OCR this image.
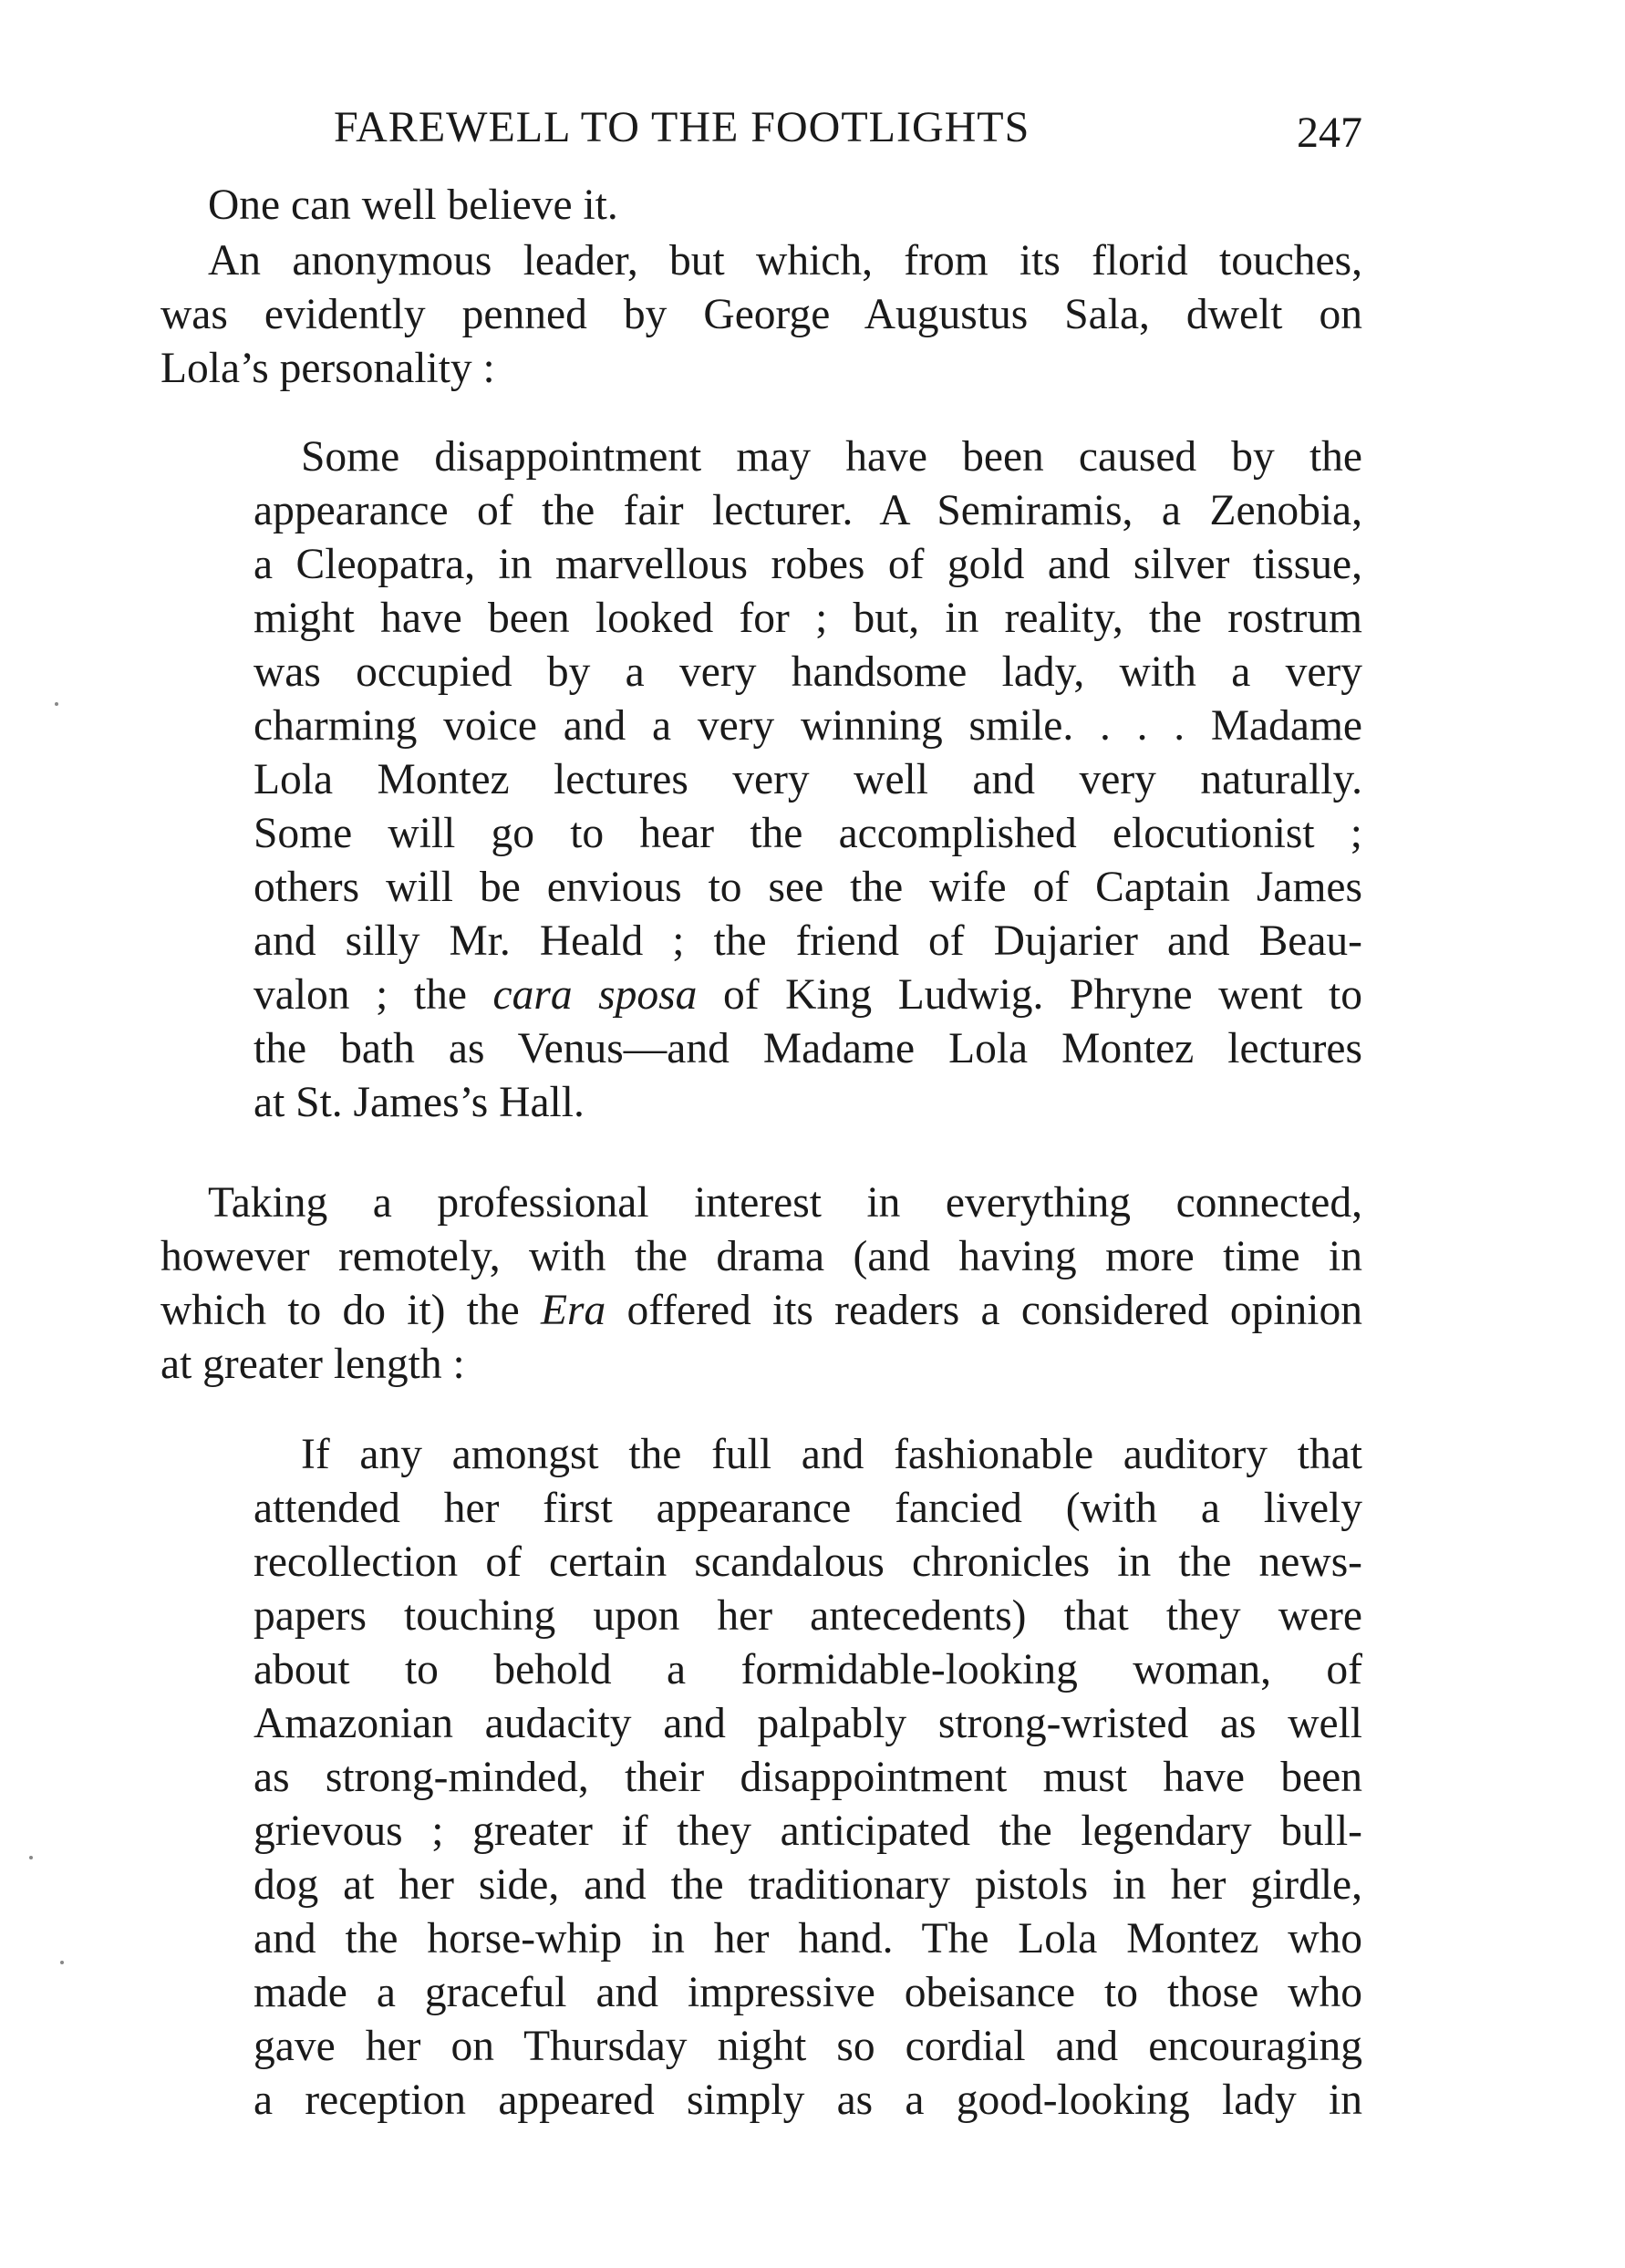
FAREWELL TO THE FOOTLIGHTS	247
One can well believe it.
An anonymous leader, but which, from its florid touches,
was evidently penned by George Augustus Sala, dwelt on
Lola’s personality :
Some disappointment may have been caused by the
appearance of the fair lecturer. A Semiramis, a Zenobia,
a Cleopatra, in marvellous robes of gold and silver tissue,
might have been looked for ; but, in reality, the rostrum
was occupied by a very handsome lady, with a very
charming voice and a very winning smile. . . . Madame
Lola Montez lectures very well and very naturally.
Some will go to hear the accomplished elocutionist ;
others will be envious to see the wife of Captain James
and silly Mr. Heald ; the friend of Dujarier and Beau-
valon ; the cara sposa of King Ludwig. Phryne went to
the bath as Venus—and Madame Lola Montez lectures
at St. James’s Hall.
Taking a professional interest in everything connected,
however remotely, with the drama (and having more time in
which to do it) the Era offered its readers a considered opinion
at greater length :
If any amongst the full and fashionable auditory that
attended her first appearance fancied (with a lively
recollection of certain scandalous chronicles in the news-
papers touching upon her antecedents) that they were
about to behold a formidable-looking woman, of
Amazonian audacity and palpably strong-wristed as well
as strong-minded, their disappointment must have been
grievous ; greater if they anticipated the legendary bull-
dog at her side, and the traditionary pistols in her girdle,
and the horse-whip in her hand. The Lola Montez who
made a graceful and impressive obeisance to those who
gave her on Thursday night so cordial and encouraging
a reception appeared simply as a good-looking lady in
